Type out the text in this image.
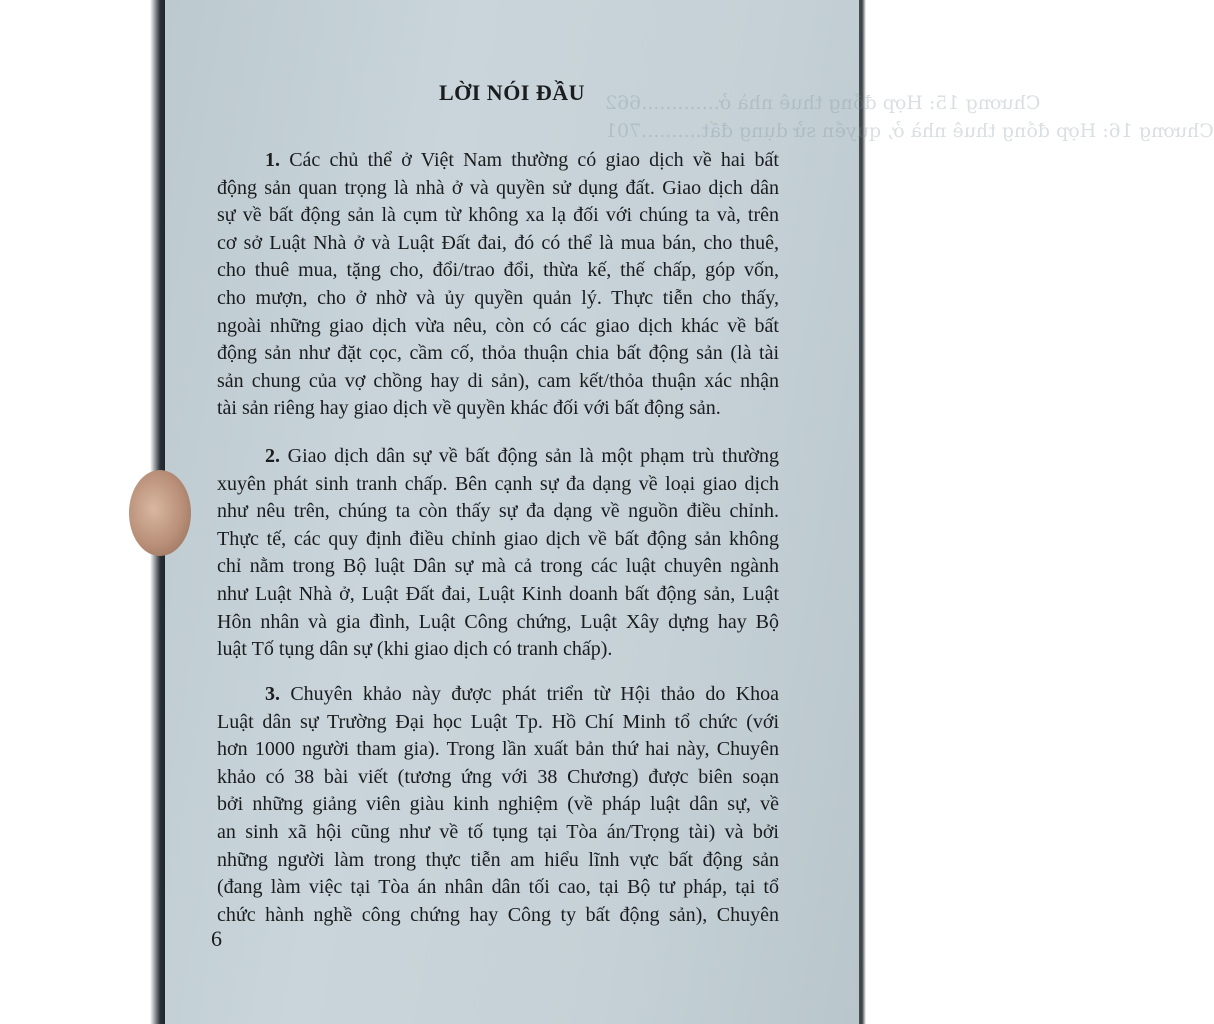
Chương 15: Hợp đồng thuê nhà ở.............662
Chương 16: Hợp đồng thuê nhà ở, quyền sử dụng đất..........701
LỜI NÓI ĐẦU
1. Các chủ thể ở Việt Nam thường có giao dịch về hai bất
động sản quan trọng là nhà ở và quyền sử dụng đất. Giao dịch dân
sự về bất động sản là cụm từ không xa lạ đối với chúng ta và, trên
cơ sở Luật Nhà ở và Luật Đất đai, đó có thể là mua bán, cho thuê,
cho thuê mua, tặng cho, đổi/trao đổi, thừa kế, thế chấp, góp vốn,
cho mượn, cho ở nhờ và ủy quyền quản lý. Thực tiễn cho thấy,
ngoài những giao dịch vừa nêu, còn có các giao dịch khác về bất
động sản như đặt cọc, cầm cố, thỏa thuận chia bất động sản (là tài
sản chung của vợ chồng hay di sản), cam kết/thỏa thuận xác nhận
tài sản riêng hay giao dịch về quyền khác đối với bất động sản.
2. Giao dịch dân sự về bất động sản là một phạm trù thường
xuyên phát sinh tranh chấp. Bên cạnh sự đa dạng về loại giao dịch
như nêu trên, chúng ta còn thấy sự đa dạng về nguồn điều chỉnh.
Thực tế, các quy định điều chỉnh giao dịch về bất động sản không
chỉ nằm trong Bộ luật Dân sự mà cả trong các luật chuyên ngành
như Luật Nhà ở, Luật Đất đai, Luật Kinh doanh bất động sản, Luật
Hôn nhân và gia đình, Luật Công chứng, Luật Xây dựng hay Bộ
luật Tố tụng dân sự (khi giao dịch có tranh chấp).
3. Chuyên khảo này được phát triển từ Hội thảo do Khoa
Luật dân sự Trường Đại học Luật Tp. Hồ Chí Minh tổ chức (với
hơn 1000 người tham gia). Trong lần xuất bản thứ hai này, Chuyên
khảo có 38 bài viết (tương ứng với 38 Chương) được biên soạn
bởi những giảng viên giàu kinh nghiệm (về pháp luật dân sự, về
an sinh xã hội cũng như về tố tụng tại Tòa án/Trọng tài) và bởi
những người làm trong thực tiễn am hiểu lĩnh vực bất động sản
(đang làm việc tại Tòa án nhân dân tối cao, tại Bộ tư pháp, tại tổ
chức hành nghề công chứng hay Công ty bất động sản), Chuyên
6
